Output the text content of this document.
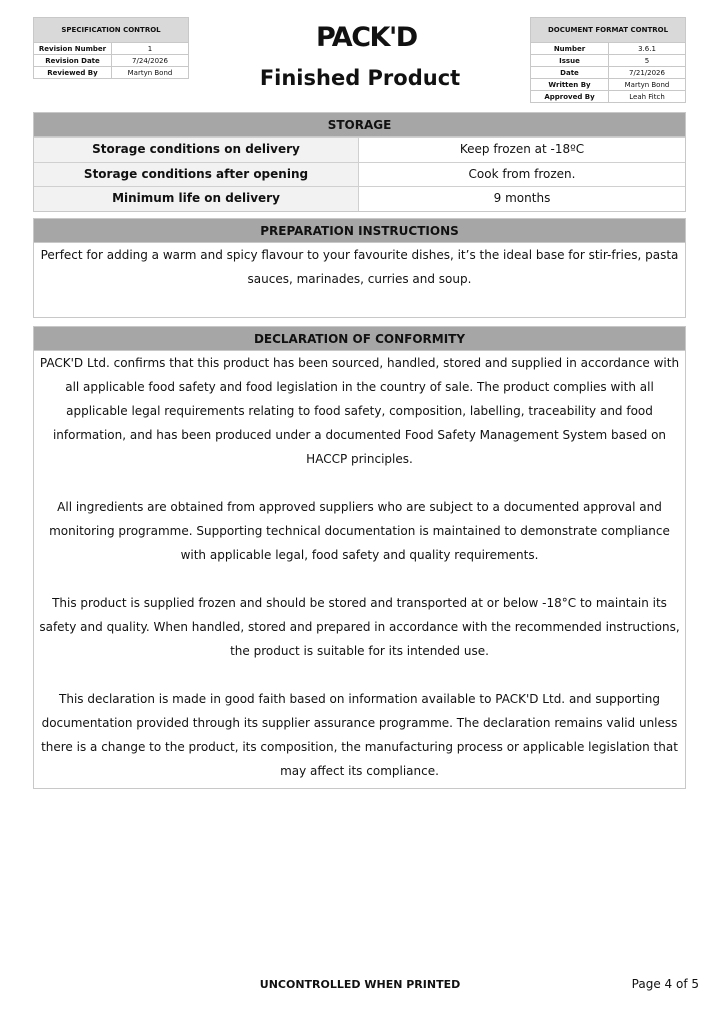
SPECIFICATION CONTROL	
Revision Number	1
Revision Date	7/24/2026
Reviewed By	Martyn Bond
PACK'D
Finished Product
DOCUMENT FORMAT CONTROL	
Number	3.6.1
Issue	5
Date	7/21/2026
Written By	Martyn Bond
Approved By	Leah Fitch
STORAGE
Storage conditions on delivery	Keep frozen at -18ºC
Storage conditions after opening	Cook from frozen.
Minimum life on delivery	9 months
PREPARATION INSTRUCTIONS

Perfect for adding a warm and spicy flavour to your favourite dishes, it’s the ideal base for stir-fries, pasta sauces, marinades, curries and soup.

DECLARATION OF CONFORMITY

PACK'D Ltd. confirms that this product has been sourced, handled, stored and supplied in accordance with all applicable food safety and food legislation in the country of sale. The product complies with all applicable legal requirements relating to food safety, composition, labelling, traceability and food information, and has been produced under a documented Food Safety Management System based on HACCP principles.

All ingredients are obtained from approved suppliers who are subject to a documented approval and monitoring programme. Supporting technical documentation is maintained to demonstrate compliance with applicable legal, food safety and quality requirements.

This product is supplied frozen and should be stored and transported at or below -18°C to maintain its safety and quality. When handled, stored and prepared in accordance with the recommended instructions, the product is suitable for its intended use.

This declaration is made in good faith based on information available to PACK'D Ltd. and supporting documentation provided through its supplier assurance programme. The declaration remains valid unless there is a change to the product, its composition, the manufacturing process or applicable legislation that may affect its compliance.

UNCONTROLLED WHEN PRINTED	Page 4 of 5
